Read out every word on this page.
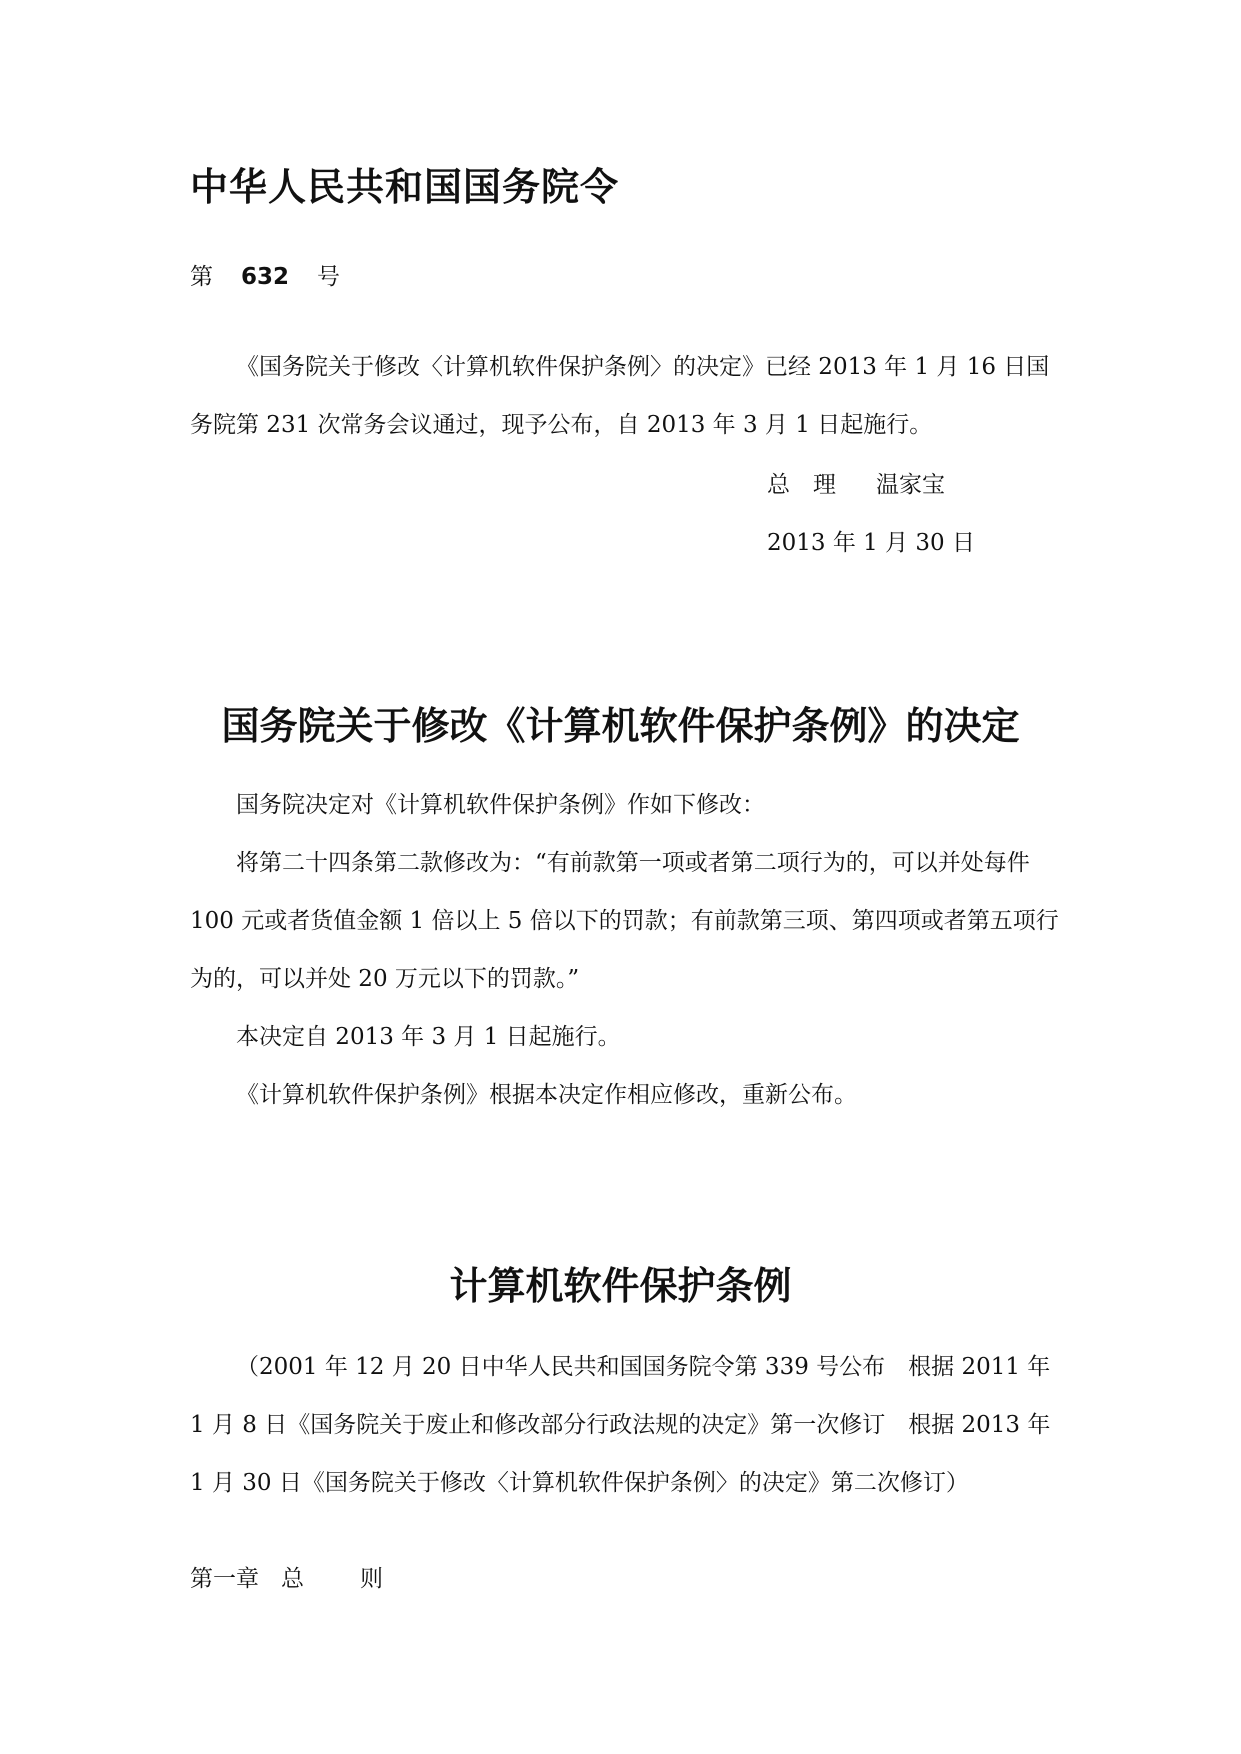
中华人民共和国国务院令
第 632 号
《国务院关于修改〈计算机软件保护条例〉的决定》已经 2013 年 1 月 16 日国务院第 231 次常务会议通过，现予公布，自 2013 年 3 月 1 日起施行。
总　理 温家宝
2013 年 1 月 30 日
国务院关于修改《计算机软件保护条例》的决定
国务院决定对《计算机软件保护条例》作如下修改：
将第二十四条第二款修改为：“有前款第一项或者第二项行为的，可以并处每件 100 元或者货值金额 1 倍以上 5 倍以下的罚款；有前款第三项、第四项或者第五项行为的，可以并处 20 万元以下的罚款。”
本决定自 2013 年 3 月 1 日起施行。
《计算机软件保护条例》根据本决定作相应修改，重新公布。
计算机软件保护条例
（2001 年 12 月 20 日中华人民共和国国务院令第 339 号公布　根据 2011 年 1 月 8 日《国务院关于废止和修改部分行政法规的决定》第一次修订　根据 2013 年 1 月 30 日《国务院关于修改〈计算机软件保护条例〉的决定》第二次修订）
第一章 总 则
